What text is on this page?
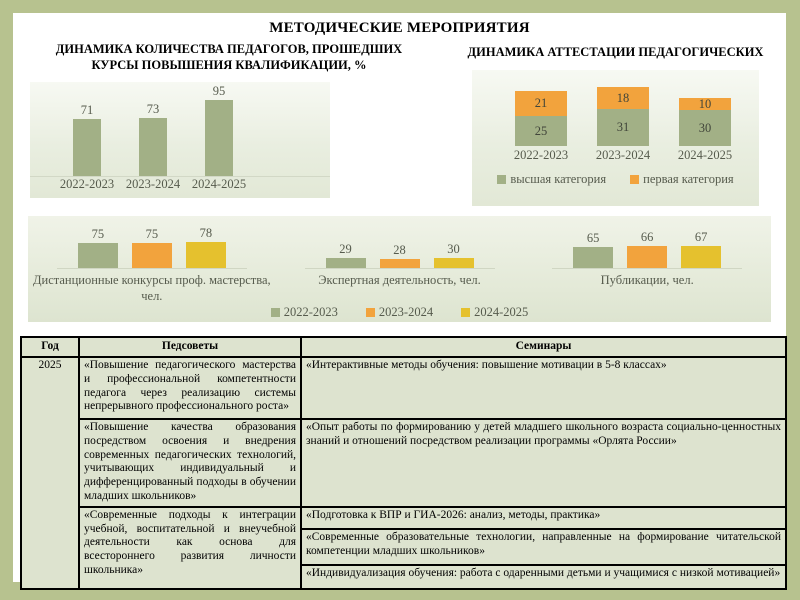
МЕТОДИЧЕСКИЕ МЕРОПРИЯТИЯ
ДИНАМИКА КОЛИЧЕСТВА ПЕДАГОГОВ, ПРОШЕДШИХ КУРСЫ ПОВЫШЕНИЯ КВАЛИФИКАЦИИ, %
71	73
95
2022-2023 2023-2024 2024-2025
ДИНАМИКА АТТЕСТАЦИИ ПЕДАГОГИЧЕСКИХ
21
25
18
31
10
30
2022-2023	2023-2024	2024-2025
высшая категория	первая категория
75	75	78
Дистанционные конкурсы проф. мастерства, чел.
29	28	30
Экспертная деятельность, чел.
65	66	67
Публикации, чел.
2022-2023	2023-2024	2024-2025
Год	Педсоветы	Семинары
2025	«Повышение педагогического мастерства и профессиональной компетентности педагога через реализацию системы непрерывного профессионального роста»	«Интерактивные методы обучения: повышение мотивации в 5-8 классах»
	«Повышение качества образования посредством освоения и внедрения современных педагогических технологий, учитывающих индивидуальный и дифференцированный подходы в обучении младших школьников»	«Опыт работы по формированию у детей младшего школьного возраста социально-ценностных знаний и отношений посредством реализации программы «Орлята России»
	«Современные подходы к интеграции учебной, воспитательной и внеучебной деятельности как основа для всестороннего развития личности школьника»	«Подготовка к ВПР и ГИА-2026: анализ, методы, практика»
		«Современные образовательные технологии, направленные на формирование читательской компетенции младших школьников»
		«Индивидуализация обучения: работа с одаренными детьми и учащимися с низкой мотивацией»
